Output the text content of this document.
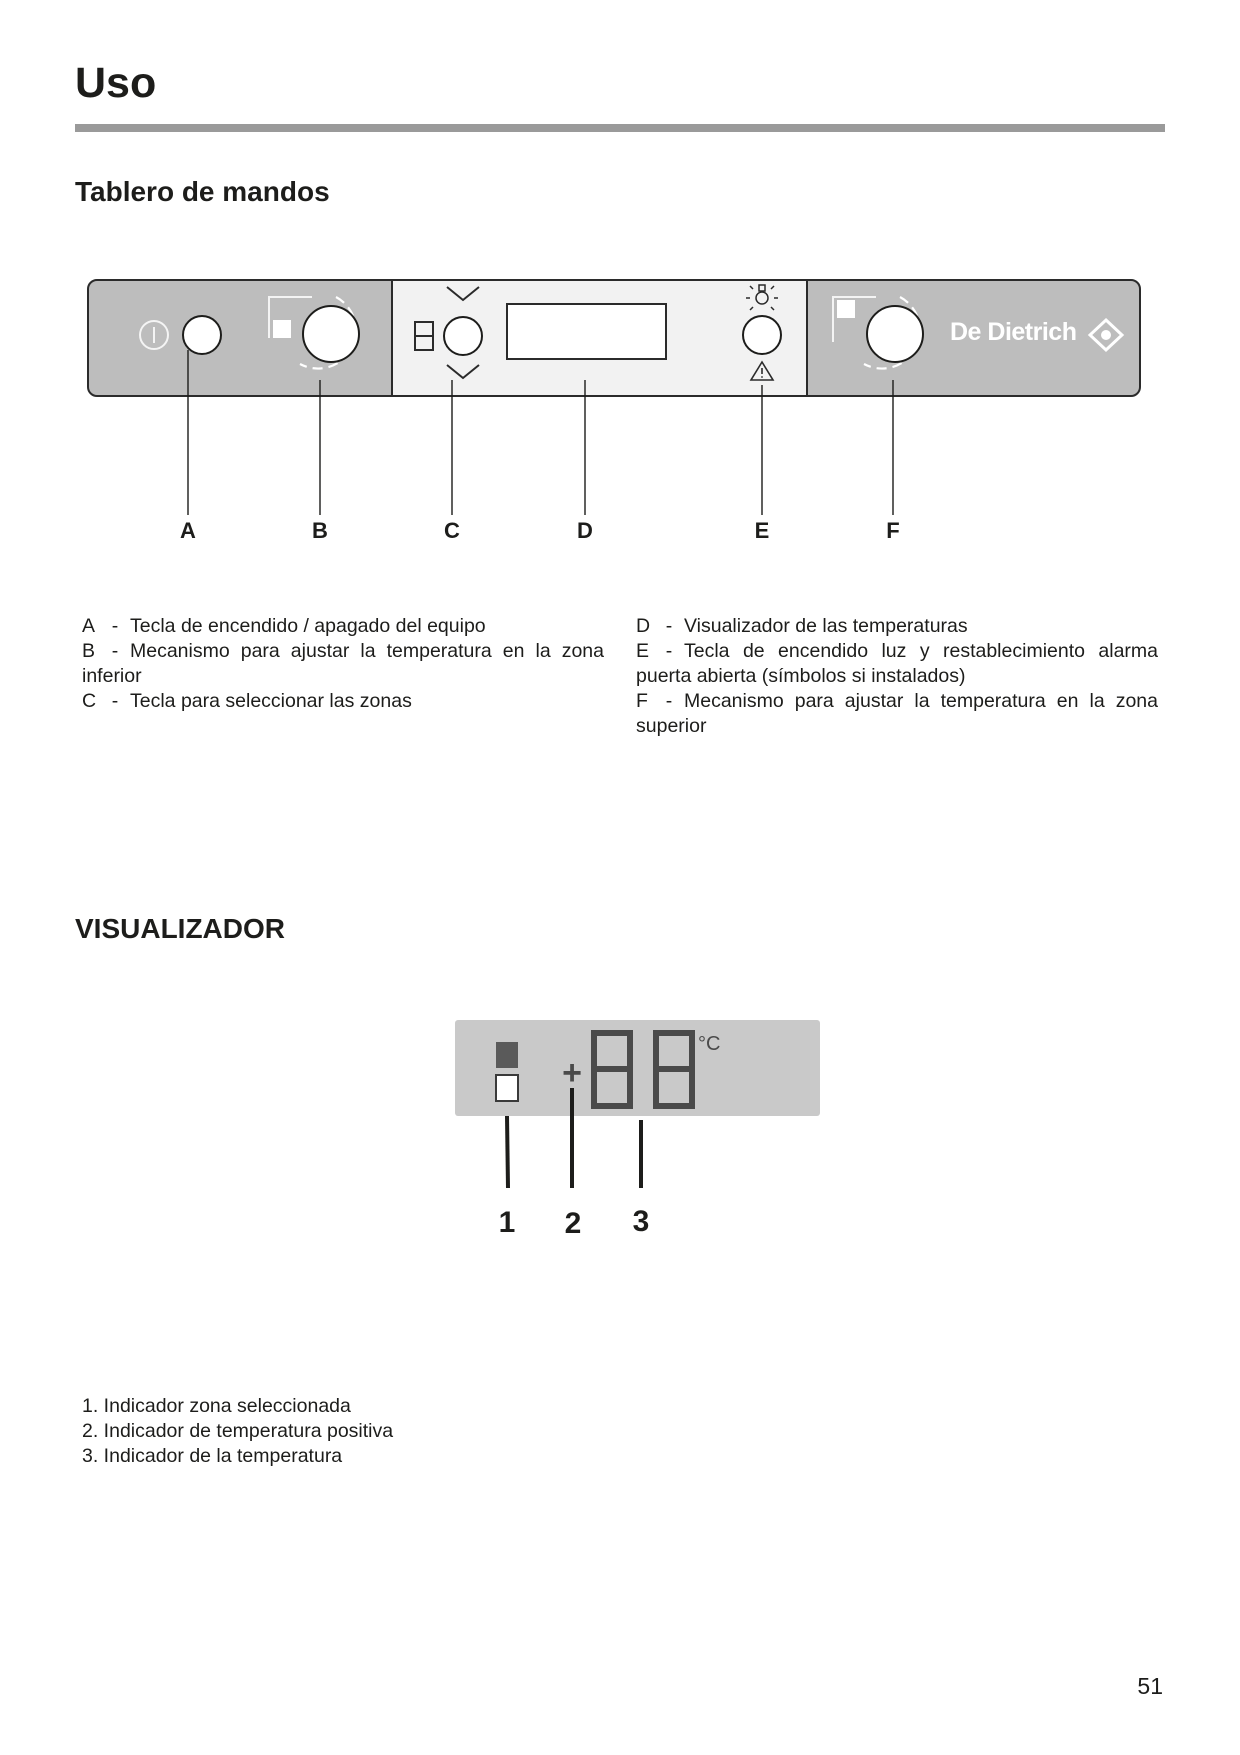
Uso
Tablero de mandos
De Dietrich
A	B	C	D	E	F

A - Tecla de encendido / apagado del equipo

B - Mecanismo para ajustar la temperatura en la zona inferior

C - Tecla para seleccionar las zonas

D - Visualizador de las temperaturas

E - Tecla de encendido luz y restablecimiento alarma puerta abierta (símbolos si instalados)

F - Mecanismo para ajustar la temperatura en la zona superior

VISUALIZADOR
+
°C
1 2 3
1. Indicador zona seleccionada
2. Indicador de temperatura positiva
3. Indicador de la temperatura
51
